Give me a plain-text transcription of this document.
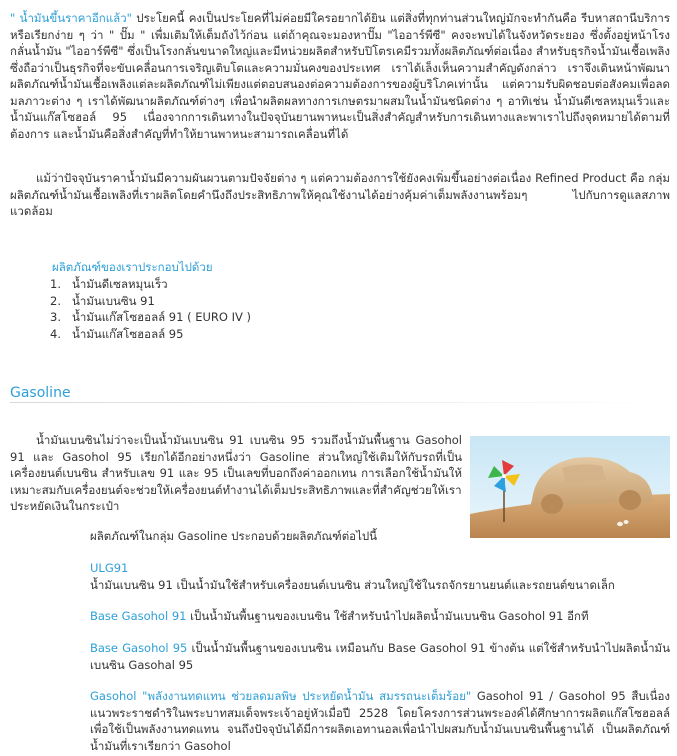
" น้ำมันขึ้นราคาอีกแล้ว" ประโยคนี้ คงเป็นประโยคที่ไม่ค่อยมีใครอยากได้ยิน แต่สิ่งที่ทุกท่านส่วนใหญ่มักจะทำกันคือ รีบหาสถานีบริการหรือเรียกง่าย ๆ ว่า " ปั๊ม " เพื่มเติมให้เต็มถังไว้ก่อน แต่ถ้าคุณจะมองหาปั๊ม "ไออาร์พีซี" คงจะพบได้ในจังหวัดระยอง ซึ่งตั้งอยู่หน้าโรงกลั่นน้ำมัน "ไออาร์พีซี" ซึ่งเป็นโรงกลั่นขนาดใหญ่และมีหน่วยผลิตสำหรับปิโตรเคมีรวมทั้งผลิตภัณฑ์ต่อเนื่อง สำหรับธุรกิจน้ำมันเชื้อเพลิง ซึ่งถือว่าเป็นธุรกิจที่จะขับเคลื่อนการเจริญเติบโตและความมั่นคงของประเทศ เราได้เล็งเห็นความสำคัญดังกล่าว เราจึงเดินหน้าพัฒนาผลิตภัณฑ์น้ำมันเชื้อเพลิงแต่ละผลิตภัณฑ์ไม่เพียงแต่ตอบสนองต่อความต้องการของผู้บริโภคเท่านั้น แต่ความรับผิดชอบต่อสังคมเพื่อลดมลภาวะต่าง ๆ เราได้พัฒนาผลิตภัณฑ์ต่างๆ เพื่อนำผลิตผลทางการเกษตรมาผสมในน้ำมันชนิดต่าง ๆ อาทิเช่น น้ำมันดีเซลหมุนเร็วและน้ำมันแก๊สโซฮอล์ 95 เนื่องจากการเดินทางในปัจจุบันยานพาหนะเป็นสิ่งสำคัญสำหรับการเดินทางและพาเราไปถึงจุดหมายได้ตามที่ต้องการ และน้ำมันคือสิ่งสำคัญที่ทำให้ยานพาหนะสามารถเคลื่อนที่ได้

แม้ว่าปัจจุบันราคาน้ำมันมีความผันผวนตามปัจจัยต่าง ๆ แต่ความต้องการใช้ยังคงเพิ่มขึ้นอย่างต่อเนื่อง Refined Product คือ กลุ่มผลิตภัณฑ์น้ำมันเชื้อเพลิงที่เราผลิตโดยคำนึงถึงประสิทธิภาพให้คุณใช้งานได้อย่างคุ้มค่าเต็มพลังงานพร้อมๆ ไปกับการดูแลสภาพแวดล้อม

ผลิตภัณฑ์ของเราประกอบไปด้วย

1. น้ำมันดีเซลหมุนเร็ว
2. น้ำมันเบนซิน 91
3. น้ำมันแก๊สโซฮอลล์ 91 ( EURO IV )
4. น้ำมันแก๊สโซฮอลล์ 95
Gasoline

น้ำมันเบนซินไม่ว่าจะเป็นน้ำมันเบนซิน 91 เบนซิน 95 รวมถึงน้ำมันพื้นฐาน Gasohol 91 และ Gasohol 95 เรียกได้อีกอย่างหนึ่งว่า Gasoline ส่วนใหญ่ใช้เติมให้กับรถที่เป็นเครื่องยนต์เบนซิน สำหรับเลข 91 และ 95 เป็นเลขที่บอกถึงค่าออกเทน การเลือกใช้น้ำมันให้เหมาะสมกับเครื่องยนต์จะช่วยให้เครื่องยนต์ทำงานได้เต็มประสิทธิภาพและที่สำคัญช่วยให้เราประหยัดเงินในกระเป๋า

ผลิตภัณฑ์ในกลุ่ม Gasoline ประกอบด้วยผลิตภัณฑ์ต่อไปนี้

ULG91
น้ำมันเบนซิน 91 เป็นน้ำมันใช้สำหรับเครื่องยนต์เบนซิน ส่วนใหญ่ใช้ในรถจักรยานยนต์และรถยนต์ขนาดเล็ก

Base Gasohol 91 เป็นน้ำมันพื้นฐานของเบนซิน ใช้สำหรับนำไปผลิตน้ำมันเบนซิน Gasohol 91 อีกที

Base Gasohol 95 เป็นน้ำมันพื้นฐานของเบนซิน เหมือนกับ Base Gasohol 91 ข้างต้น แต่ใช้สำหรับนำไปผลิตน้ำมันเบนซิน Gasohal 95

Gasohol "พลังงานทดแทน ช่วยลดมลพิษ ประหยัดน้ำมัน สมรรถนะเต็มร้อย" Gasohol 91 / Gasohol 95 สืบเนื่องแนวพระราชดำริในพระบาทสมเด็จพระเจ้าอยู่หัวเมื่อปี 2528 โดยโครงการส่วนพระองค์ได้ศึกษาการผลิตแก๊สโซฮอลล์ เพื่อใช้เป็นพลังงานทดแทน จนถึงปัจจุบันได้มีการผลิตเอทานอลเพื่อนำไปผสมกับน้ำมันเบนซินพื้นฐานได้ เป็นผลิตภัณฑ์น้ำมันที่เราเรียกว่า Gasohol
